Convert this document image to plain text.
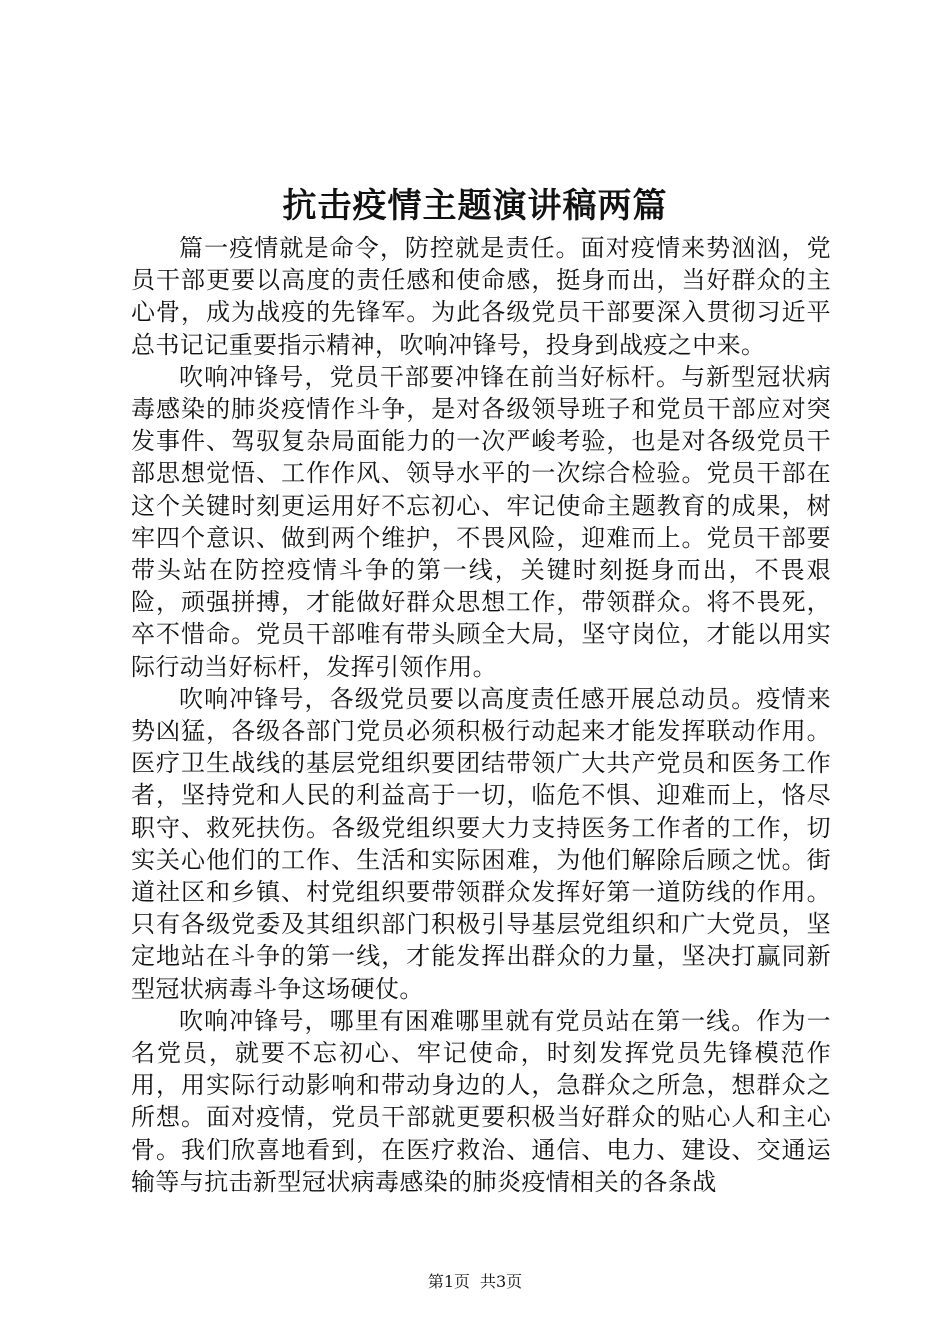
抗击疫情主题演讲稿两篇

篇一疫情就是命令，防控就是责任。面对疫情来势汹汹，党员干部更要以高度的责任感和使命感，挺身而出，当好群众的主心骨，成为战疫的先锋军。为此各级党员干部要深入贯彻习近平总书记记重要指示精神，吹响冲锋号，投身到战疫之中来。

吹响冲锋号，党员干部要冲锋在前当好标杆。与新型冠状病毒感染的肺炎疫情作斗争，是对各级领导班子和党员干部应对突发事件、驾驭复杂局面能力的一次严峻考验，也是对各级党员干部思想觉悟、工作作风、领导水平的一次综合检验。党员干部在这个关键时刻更运用好不忘初心、牢记使命主题教育的成果，树牢四个意识、做到两个维护，不畏风险，迎难而上。党员干部要带头站在防控疫情斗争的第一线，关键时刻挺身而出，不畏艰险，顽强拼搏，才能做好群众思想工作，带领群众。将不畏死，卒不惜命。党员干部唯有带头顾全大局，坚守岗位，才能以用实际行动当好标杆，发挥引领作用。

吹响冲锋号，各级党员要以高度责任感开展总动员。疫情来势凶猛，各级各部门党员必须积极行动起来才能发挥联动作用。医疗卫生战线的基层党组织要团结带领广大共产党员和医务工作者，坚持党和人民的利益高于一切，临危不惧、迎难而上，恪尽职守、救死扶伤。各级党组织要大力支持医务工作者的工作，切实关心他们的工作、生活和实际困难，为他们解除后顾之忧。街道社区和乡镇、村党组织要带领群众发挥好第一道防线的作用。只有各级党委及其组织部门积极引导基层党组织和广大党员，坚定地站在斗争的第一线，才能发挥出群众的力量，坚决打赢同新型冠状病毒斗争这场硬仗。

吹响冲锋号，哪里有困难哪里就有党员站在第一线。作为一名党员，就要不忘初心、牢记使命，时刻发挥党员先锋模范作用，用实际行动影响和带动身边的人，急群众之所急，想群众之所想。面对疫情，党员干部就更要积极当好群众的贴心人和主心骨。我们欣喜地看到，在医疗救治、通信、电力、建设、交通运输等与抗击新型冠状病毒感染的肺炎疫情相关的各条战

第1页 共3页
